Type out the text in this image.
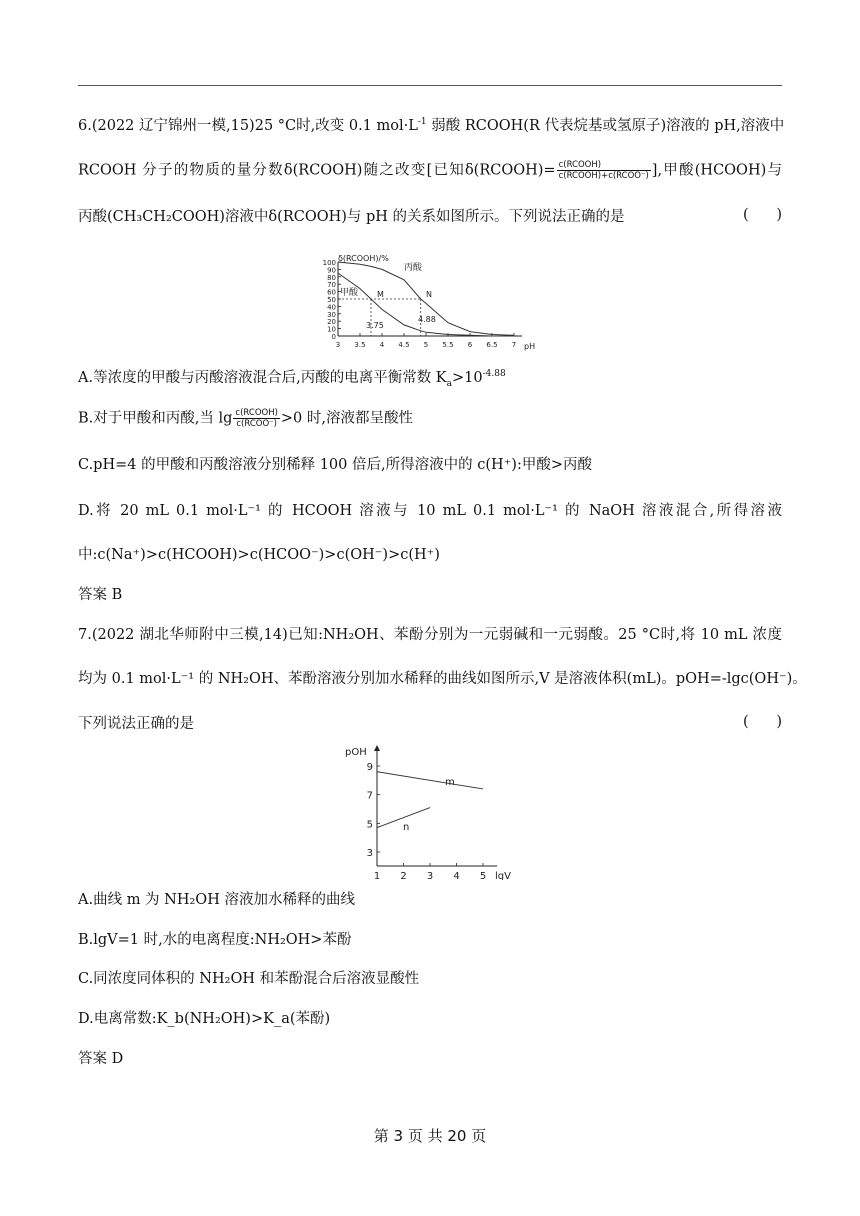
6.(2022 辽宁锦州一模,15)25 °C时,改变 0.1 $mol\cdot L^{-1}$ 弱酸 RCOOH(R 代表烷基或氢原子)溶液的 pH,溶液中
RCOOH 分子的物质的量分数δ(RCOOH)随之改变[已知δ(RCOOH)= $\frac{\text{c(RCOOH)}}{\text{c(RCOOH)+c(RCOO⁻)}}$ ],甲酸(HCOOH)与
丙酸(CH₃CH₂COOH)溶液中δ(RCOOH)与 pH 的关系如图所示。下列说法正确的是	(      )
δ(RCOOH)/%
100
90
80
70
60
50
40
30
20
10
0
3 3.5 4 4.5 5 5.5 6 6.5 7
丙酸
甲酸 M	N
3.75
4.88
pH
A.等浓度的甲酸与丙酸溶液混合后,丙酸的电离平衡常数 $K_a>10^{-4.88}$
B.对于甲酸和丙酸,当 $\lg \frac{\text{c(RCOOH)}}{\text{c(RCOO⁻)}} >0$ 时,溶液都呈酸性
C.pH=4 的甲酸和丙酸溶液分别稀释 100 倍后,所得溶液中的 c(H⁺):甲酸>丙酸
D.将 20 mL 0.1 mol·L⁻¹ 的 HCOOH 溶液与 10 mL 0.1 mol·L⁻¹ 的 NaOH 溶液混合,所得溶液
中:c(Na⁺)>c(HCOOH)>c(HCOO⁻)>c(OH⁻)>c(H⁺)
答案 B
7.(2022 湖北华师附中三模,14)已知:NH₂OH、苯酚分别为一元弱碱和一元弱酸。25 °C时,将 10 mL 浓度
均为 0.1 mol·L⁻¹ 的 NH₂OH、苯酚溶液分别加水稀释的曲线如图所示,V 是溶液体积(mL)。pOH=-lgc(OH⁻)。
下列说法正确的是	(      )
pOH
9
7
5
3
1 2 3 4 5
m
n
lgV
A.曲线 m 为 NH₂OH 溶液加水稀释的曲线
B.lgV=1 时,水的电离程度:NH₂OH>苯酚
C.同浓度同体积的 NH₂OH 和苯酚混合后溶液显酸性
D.电离常数:K_b(NH₂OH)>K_a(苯酚)
答案 D
第 3 页 共 20 页
